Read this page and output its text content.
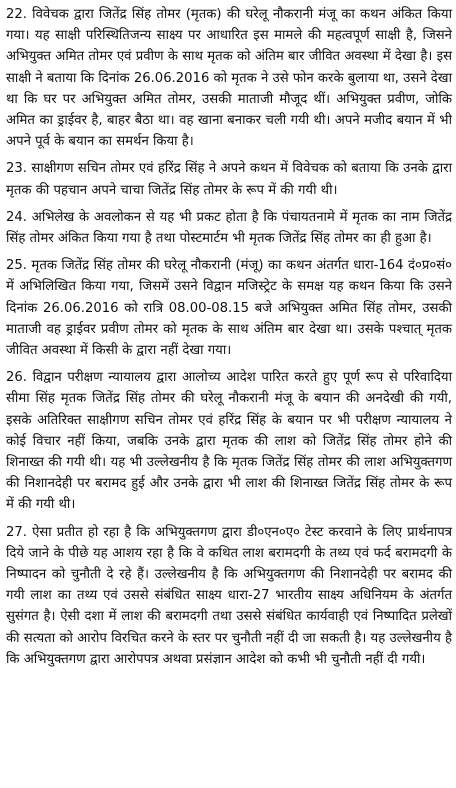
22. विवेचक द्वारा जितेंद्र सिंह तोमर (मृतक) की घरेलू नौकरानी मंजू का कथन अंकित किया गया। यह साक्षी परिस्थितिजन्य साक्ष्य पर आधारित इस मामले की महत्वपूर्ण साक्षी है, जिसने अभियुक्त अमित तोमर एवं प्रवीण के साथ मृतक को अंतिम बार जीवित अवस्था में देखा है। इस साक्षी ने बताया कि दिनांक 26.06.2016 को मृतक ने उसे फोन करके बुलाया था, उसने देखा था कि घर पर अभियुक्त अमित तोमर, उसकी माताजी मौजूद थीं। अभियुक्त प्रवीण, जोकि अमित का ड्राईवर है, बाहर बैठा था। वह खाना बनाकर चली गयी थी। अपने मजीद बयान में भी अपने पूर्व के बयान का समर्थन किया है।

23. साक्षीगण सचिन तोमर एवं हरिंद्र सिंह ने अपने कथन में विवेचक को बताया कि उनके द्वारा मृतक की पहचान अपने चाचा जितेंद्र सिंह तोमर के रूप में की गयी थी।

24. अभिलेख के अवलोकन से यह भी प्रकट होता है कि पंचायतनामे में मृतक का नाम जितेंद्र सिंह तोमर अंकित किया गया है तथा पोस्टमार्टम भी मृतक जितेंद्र सिंह तोमर का ही हुआ है।

25. मृतक जितेंद्र सिंह तोमर की घरेलू नौकरानी (मंजू) का कथन अंतर्गत धारा-164 दं०प्र०सं० में अभिलिखित किया गया, जिसमें उसने विद्वान मजिस्ट्रेट के समक्ष यह कथन किया कि उसने दिनांक 26.06.2016 को रात्रि 08.00-08.15 बजे अभियुक्त अमित सिंह तोमर, उसकी माताजी वह ड्राईवर प्रवीण तोमर को मृतक के साथ अंतिम बार देखा था। उसके पश्चात् मृतक जीवित अवस्था में किसी के द्वारा नहीं देखा गया।

26. विद्वान परीक्षण न्यायालय द्वारा आलोच्य आदेश पारित करते हुए पूर्ण रूप से परिवादिया सीमा सिंह मृतक जितेंद्र सिंह तोमर की घरेलू नौकरानी मंजू के बयान की अनदेखी की गयी, इसके अतिरिक्त साक्षीगण सचिन तोमर एवं हरिंद्र सिंह के बयान पर भी परीक्षण न्यायालय ने कोई विचार नहीं किया, जबकि उनके द्वारा मृतक की लाश को जितेंद्र सिंह तोमर होने की शिनाख्त की गयी थी। यह भी उल्लेखनीय है कि मृतक जितेंद्र सिंह तोमर की लाश अभियुक्तगण की निशानदेही पर बरामद हुई और उनके द्वारा भी लाश की शिनाख्त जितेंद्र सिंह तोमर के रूप में की गयी थी।

27. ऐसा प्रतीत हो रहा है कि अभियुक्तगण द्वारा डी०एन०ए० टेस्ट करवाने के लिए प्रार्थनापत्र दिये जाने के पीछे यह आशय रहा है कि वे कथित लाश बरामदगी के तथ्य एवं फर्द बरामदगी के निष्पादन को चुनौती दे रहे हैं। उल्लेखनीय है कि अभियुक्तगण की निशानदेही पर बरामद की गयी लाश का तथ्य एवं उससे संबंधित साक्ष्य धारा-27 भारतीय साक्ष्य अधिनियम के अंतर्गत सुसंगत है। ऐसी दशा में लाश की बरामदगी तथा उससे संबंधित कार्यवाही एवं निष्पादित प्रलेखों की सत्यता को आरोप विरचित करने के स्तर पर चुनौती नहीं दी जा सकती है। यह उल्लेखनीय है कि अभियुक्तगण द्वारा आरोपपत्र अथवा प्रसंज्ञान आदेश को कभी भी चुनौती नहीं दी गयी।
